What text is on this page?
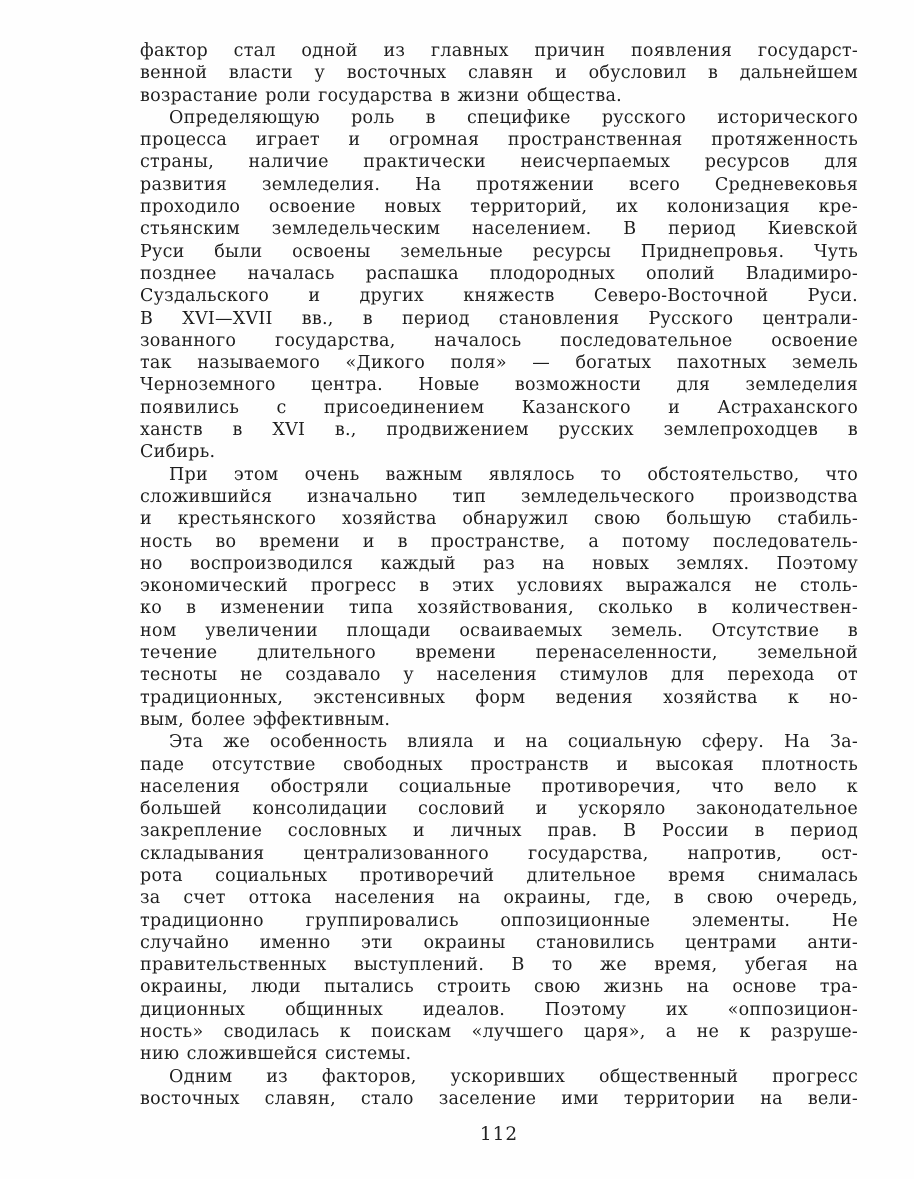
фактор стал одной из главных причин появления государст-
венной власти у восточных славян и обусловил в дальнейшем
возрастание роли государства в жизни общества.
Определяющую роль в специфике русского исторического
процесса играет и огромная пространственная протяженность
страны, наличие практически неисчерпаемых ресурсов для
развития земледелия. На протяжении всего Средневековья
проходило освоение новых территорий, их колонизация кре-
стьянским земледельческим населением. В период Киевской
Руси были освоены земельные ресурсы Приднепровья. Чуть
позднее началась распашка плодородных ополий Владимиро-
Суздальского и других княжеств Северо-Восточной Руси.
В XVI—XVII вв., в период становления Русского централи-
зованного государства, началось последовательное освоение
так называемого «Дикого поля» — богатых пахотных земель
Черноземного центра. Новые возможности для земледелия
появились с присоединением Казанского и Астраханского
ханств в XVI в., продвижением русских землепроходцев в
Сибирь.
При этом очень важным являлось то обстоятельство, что
сложившийся изначально тип земледельческого производства
и крестьянского хозяйства обнаружил свою большую стабиль-
ность во времени и в пространстве, а потому последователь-
но воспроизводился каждый раз на новых землях. Поэтому
экономический прогресс в этих условиях выражался не столь-
ко в изменении типа хозяйствования, сколько в количествен-
ном увеличении площади осваиваемых земель. Отсутствие в
течение длительного времени перенаселенности, земельной
тесноты не создавало у населения стимулов для перехода от
традиционных, экстенсивных форм ведения хозяйства к но-
вым, более эффективным.
Эта же особенность влияла и на социальную сферу. На За-
паде отсутствие свободных пространств и высокая плотность
населения обостряли социальные противоречия, что вело к
большей консолидации сословий и ускоряло законодательное
закрепление сословных и личных прав. В России в период
складывания централизованного государства, напротив, ост-
рота социальных противоречий длительное время снималась
за счет оттока населения на окраины, где, в свою очередь,
традиционно группировались оппозиционные элементы. Не
случайно именно эти окраины становились центрами анти-
правительственных выступлений. В то же время, убегая на
окраины, люди пытались строить свою жизнь на основе тра-
диционных общинных идеалов. Поэтому их «оппозицион-
ность» сводилась к поискам «лучшего царя», а не к разруше-
нию сложившейся системы.
Одним из факторов, ускоривших общественный прогресс
восточных славян, стало заселение ими территории на вели-
112
